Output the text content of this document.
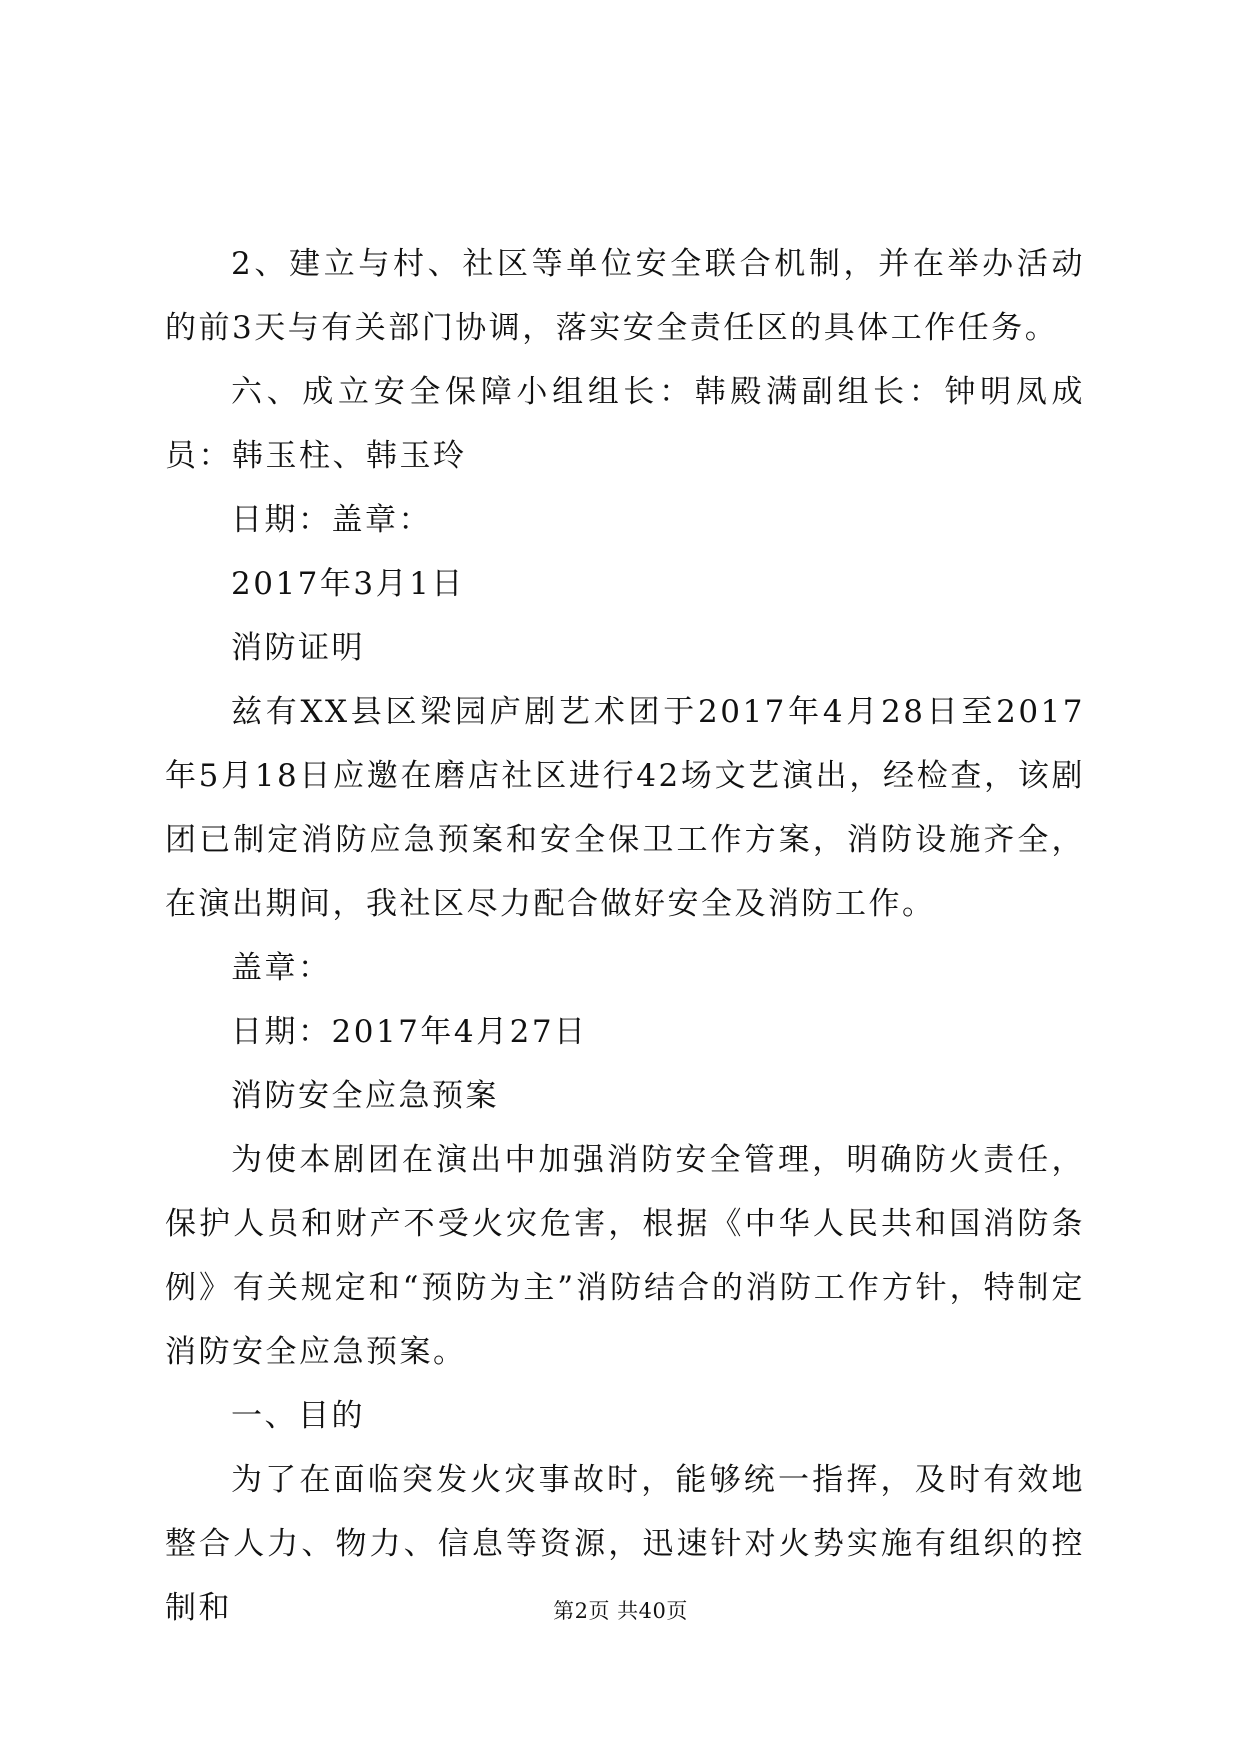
2、建立与村、社区等单位安全联合机制，并在举办活动的前3天与有关部门协调，落实安全责任区的具体工作任务。

六、成立安全保障小组组长：韩殿满副组长：钟明凤成员：韩玉柱、韩玉玲

日期：盖章：

2017年3月1日

消防证明

兹有XX县区梁园庐剧艺术团于2017年4月28日至2017年5月18日应邀在磨店社区进行42场文艺演出，经检查，该剧团已制定消防应急预案和安全保卫工作方案，消防设施齐全，在演出期间，我社区尽力配合做好安全及消防工作。

盖章：

日期：2017年4月27日

消防安全应急预案

为使本剧团在演出中加强消防安全管理，明确防火责任，保护人员和财产不受火灾危害，根据《中华人民共和国消防条例》有关规定和“预防为主”消防结合的消防工作方针，特制定消防安全应急预案。

一、目的

为了在面临突发火灾事故时，能够统一指挥，及时有效地整合人力、物力、信息等资源，迅速针对火势实施有组织的控制和	第2页 共40页
